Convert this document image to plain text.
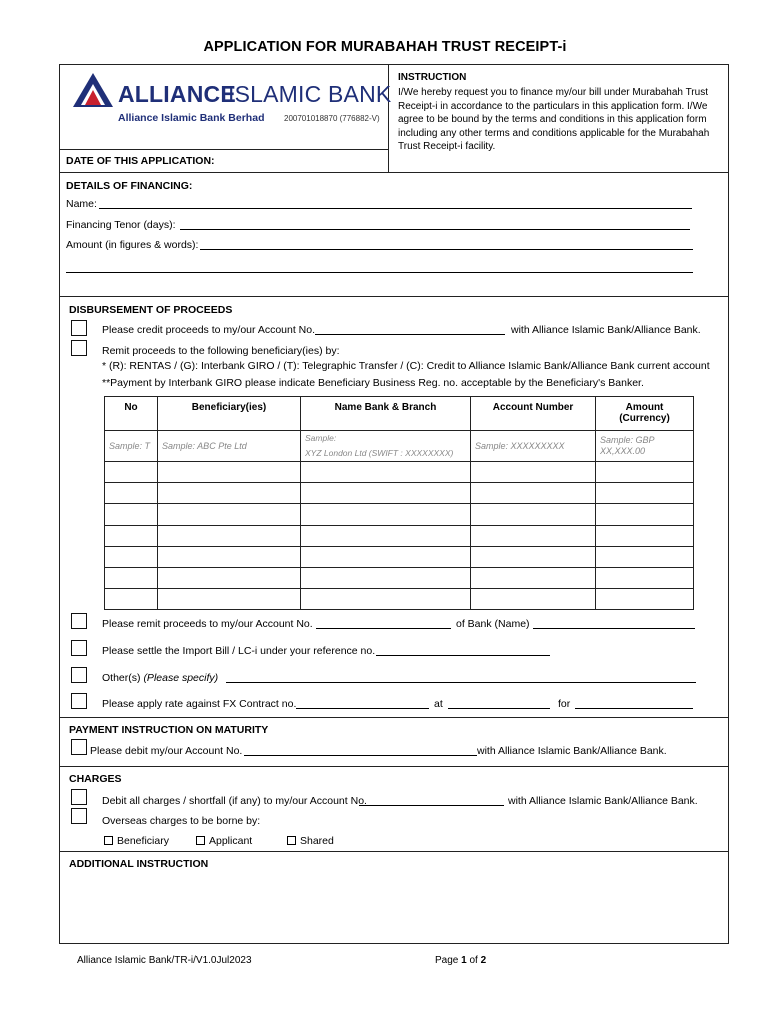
APPLICATION FOR MURABAHAH TRUST RECEIPT-i
ALLIANCE
ISLAMIC BANK
Alliance Islamic Bank Berhad 200701018870 (776882-V)
INSTRUCTION
I/We hereby request you to finance my/our bill under Murabahah Trust Receipt-i in accordance to the particulars in this application form. I/We agree to be bound by the terms and conditions in this application form including any other terms and conditions applicable for the Murabahah Trust Receipt-i facility.
DATE OF THIS APPLICATION:
DETAILS OF FINANCING:
Name:
Financing Tenor (days):
Amount (in figures & words):
DISBURSEMENT OF PROCEEDS
Please credit proceeds to my/our Account No.	with Alliance Islamic Bank/Alliance Bank.
Remit proceeds to the following beneficiary(ies) by:
* (R): RENTAS / (G): Interbank GIRO / (T): Telegraphic Transfer / (C): Credit to Alliance Islamic Bank/Alliance Bank current account
**Payment by Interbank GIRO please indicate Beneficiary Business Reg. no. acceptable by the Beneficiary's Banker.
No	Beneficiary(ies)	Name Bank & Branch	Account Number	Amount
(Currency)
Sample: T	Sample: ABC Pte Ltd	Sample:
XYZ London Ltd (SWIFT : XXXXXXXX)	Sample: XXXXXXXXX	Sample: GBP
XX,XXX.00

Please remit proceeds to my/our Account No.	of Bank (Name)
Please settle the Import Bill / LC-i under your reference no.
Other(s) (Please specify)
Please apply rate against FX Contract no.	at	for
PAYMENT INSTRUCTION ON MATURITY
Please debit my/our Account No.	with Alliance Islamic Bank/Alliance Bank.
CHARGES
Debit all charges / shortfall (if any) to my/our Account No.	with Alliance Islamic Bank/Alliance Bank.
Overseas charges to be borne by:
Beneficiary	Applicant	Shared
ADDITIONAL INSTRUCTION
Alliance Islamic Bank/TR-i/V1.0Jul2023	Page 1 of 2
